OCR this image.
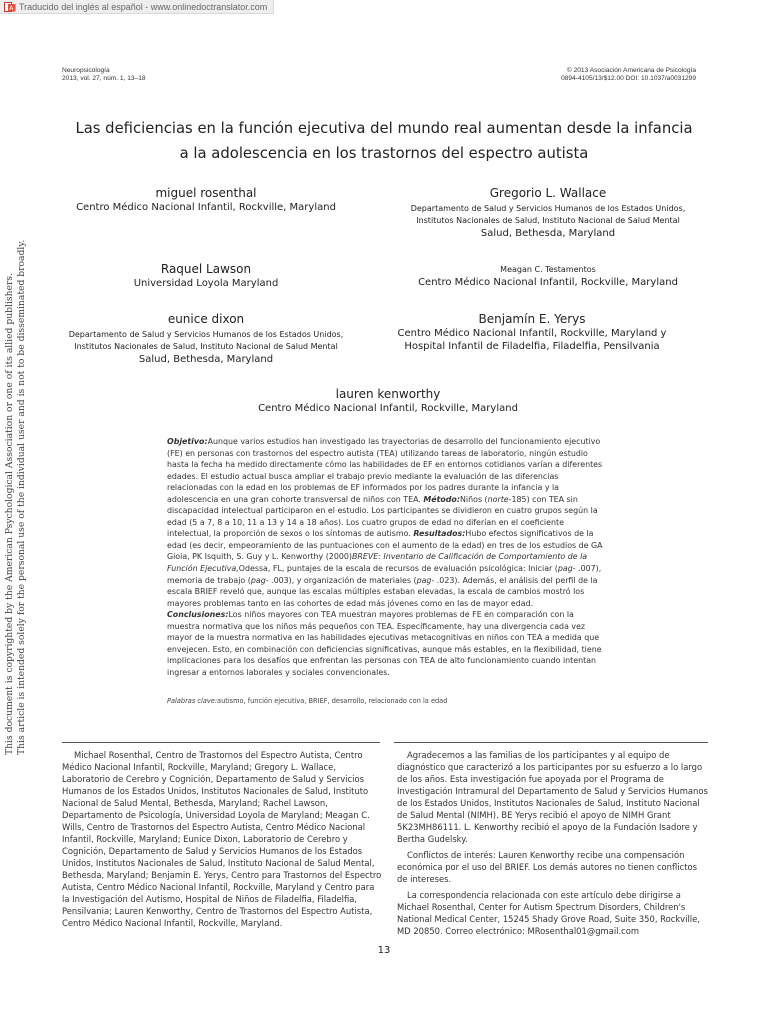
A Traducido del inglés al español - www.onlinedoctranslator.com
This document is copyrighted by the American Psychological Association or one of its allied publishers. This article is intended solely for the personal use of the individual user and is not to be disseminated broadly.
Neuropsicología
2013, vol. 27, núm. 1, 13–18
© 2013 Asociación Americana de Psicología
0894-4105/13/$12.00 DOI: 10.1037/a0031299
Las deficiencias en la función ejecutiva del mundo real aumentan desde la infancia
a la adolescencia en los trastornos del espectro autista
miguel rosenthal
Centro Médico Nacional Infantil, Rockville, Maryland
Gregorio L. Wallace
Departamento de Salud y Servicios Humanos de los Estados Unidos,
Institutos Nacionales de Salud, Instituto Nacional de Salud Mental
Salud, Bethesda, Maryland
Raquel Lawson
Universidad Loyola Maryland
Meagan C. Testamentos
Centro Médico Nacional Infantil, Rockville, Maryland
eunice dixon
Departamento de Salud y Servicios Humanos de los Estados Unidos,
Institutos Nacionales de Salud, Instituto Nacional de Salud Mental
Salud, Bethesda, Maryland
Benjamín E. Yerys
Centro Médico Nacional Infantil, Rockville, Maryland y
Hospital Infantil de Filadelfia, Filadelfia, Pensilvania
lauren kenworthy
Centro Médico Nacional Infantil, Rockville, Maryland
Objetivo:Aunque varios estudios han investigado las trayectorias de desarrollo del funcionamiento ejecutivo (FE) en personas con trastornos del espectro autista (TEA) utilizando tareas de laboratorio, ningún estudio hasta la fecha ha medido directamente cómo las habilidades de EF en entornos cotidianos varían a diferentes edades. El estudio actual busca ampliar el trabajo previo mediante la evaluación de las diferencias relacionadas con la edad en los problemas de EF informados por los padres durante la infancia y la adolescencia en una gran cohorte transversal de niños con TEA. Método:Niños (norte-185) con TEA sin discapacidad intelectual participaron en el estudio. Los participantes se dividieron en cuatro grupos según la edad (5 a 7, 8 a 10, 11 a 13 y 14 a 18 años). Los cuatro grupos de edad no diferían en el coeficiente intelectual, la proporción de sexos o los síntomas de autismo. Resultados:Hubo efectos significativos de la edad (es decir, empeoramiento de las puntuaciones con el aumento de la edad) en tres de los estudios de GA Gioia, PK Isquith, S. Guy y L. Kenworthy (2000)BREVE: Inventario de Calificación de Comportamiento de la Función Ejecutiva,Odessa, FL, puntajes de la escala de recursos de evaluación psicológica: Iniciar (pag- .007), memoria de trabajo (pag- .003), y organización de materiales (pag- .023). Además, el análisis del perfil de la escala BRIEF reveló que, aunque las escalas múltiples estaban elevadas, la escala de cambios mostró los mayores problemas tanto en las cohortes de edad más jóvenes como en las de mayor edad. Conclusiones:Los niños mayores con TEA muestran mayores problemas de FE en comparación con la muestra normativa que los niños más pequeños con TEA. Específicamente, hay una divergencia cada vez mayor de la muestra normativa en las habilidades ejecutivas metacognitivas en niños con TEA a medida que envejecen. Esto, en combinación con deficiencias significativas, aunque más estables, en la flexibilidad, tiene implicaciones para los desafíos que enfrentan las personas con TEA de alto funcionamiento cuando intentan ingresar a entornos laborales y sociales convencionales.
Palabras clave:autismo, función ejecutiva, BRIEF, desarrollo, relacionado con la edad
Michael Rosenthal, Centro de Trastornos del Espectro Autista, Centro Médico Nacional Infantil, Rockville, Maryland; Gregory L. Wallace, Laboratorio de Cerebro y Cognición, Departamento de Salud y Servicios Humanos de los Estados Unidos, Institutos Nacionales de Salud, Instituto Nacional de Salud Mental, Bethesda, Maryland; Rachel Lawson, Departamento de Psicología, Universidad Loyola de Maryland; Meagan C. Wills, Centro de Trastornos del Espectro Autista, Centro Médico Nacional Infantil, Rockville, Maryland; Eunice Dixon, Laboratorio de Cerebro y Cognición, Departamento de Salud y Servicios Humanos de los Estados Unidos, Institutos Nacionales de Salud, Instituto Nacional de Salud Mental, Bethesda, Maryland; Benjamin E. Yerys, Centro para Trastornos del Espectro Autista, Centro Médico Nacional Infantil, Rockville, Maryland y Centro para la Investigación del Autismo, Hospital de Niños de Filadelfia, Filadelfia, Pensilvania; Lauren Kenworthy, Centro de Trastornos del Espectro Autista, Centro Médico Nacional Infantil, Rockville, Maryland.

Agradecemos a las familias de los participantes y al equipo de diagnóstico que caracterizó a los participantes por su esfuerzo a lo largo de los años. Esta investigación fue apoyada por el Programa de Investigación Intramural del Departamento de Salud y Servicios Humanos de los Estados Unidos, Institutos Nacionales de Salud, Instituto Nacional de Salud Mental (NIMH). BE Yerys recibió el apoyo de NIMH Grant 5K23MH86111. L. Kenworthy recibió el apoyo de la Fundación Isadore y Bertha Gudelsky.

Conflictos de interés: Lauren Kenworthy recibe una compensación económica por el uso del BRIEF. Los demás autores no tienen conflictos de intereses.

La correspondencia relacionada con este artículo debe dirigirse a Michael Rosenthal, Center for Autism Spectrum Disorders, Children's National Medical Center, 15245 Shady Grove Road, Suite 350, Rockville, MD 20850. Correo electrónico: MRosenthal01@gmail.com

13
